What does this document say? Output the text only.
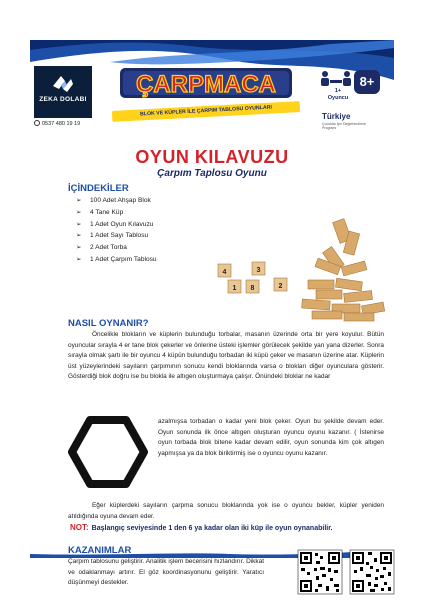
ZEKA DOLABI
0537 480 19 19
ÇARPMACA
BLOK VE KÜPLER İLE ÇARPIM TABLOSU OYUNLARI
1+ Oyuncu
8+
Türkiye
Çocuklar için Değerlendirme Programı
OYUN KILAVUZU
Çarpım Taplosu Oyunu
İÇİNDEKİLER
➢ 100 Adet Ahşap Blok
➢ 4 Tane Küp
➢ 1 Adet Oyun Kılavuzu
➢ 1 Adet Sayı Tablosu
➢ 2 Adet Torba
➢ 1 Adet Çarpım Tablosu
4	3
1 8	2
NASIL OYNANIR?

Öncelikle blokların ve küplerin bulunduğu torbalar, masanın üzerinde orta bir yere koyulur. Bütün oyuncular sırayla 4 er tane blok çekerler ve önlerine üsteki işlemler görülecek şekilde yan yana dizerler. Sonra sırayla olmak şartı ile bir oyuncu 4 küpün bulunduğu torbadan iki küpü çeker ve masanın üzerine atar. Küplerin üst yüzeylerindeki sayıların çarpımının sonucu kendi bloklarında varsa o blokları diğer oyunculara gösterir. Gösterdiği blok doğru ise bu blokla ile altıgen oluşturmaya çalışır. Önündeki bloklar ne kadar

azalmışsa torbadan o kadar yeni blok çeker. Oyun bu şekilde devam eder. Oyun sonunda ilk önce altıgen oluşturan oyuncu oyunu kazanır. ( İstenirse oyun torbada blok bitene kadar devam edilir, oyun sonunda kim çok altıgen yapmışsa ya da blok biriktirmiş ise o oyuncu oyunu kazanır.

Eğer küplerdeki sayıların çarpma sonucu bloklarında yok ise o oyuncu bekler, küpler yeniden atıldığında oyuna devam eder.

NOT: Başlangıç seviyesinde 1 den 6 ya kadar olan iki küp ile oyun oynanabilir.
KAZANIMLAR

Çarpım tablosunu geliştirir. Analitik işlem becerisini hızlandırır. Dikkat ve odaklanmayı artırır. El göz koordinasyonunu geliştirir. Yaratıcı düşünmeyi destekler.
